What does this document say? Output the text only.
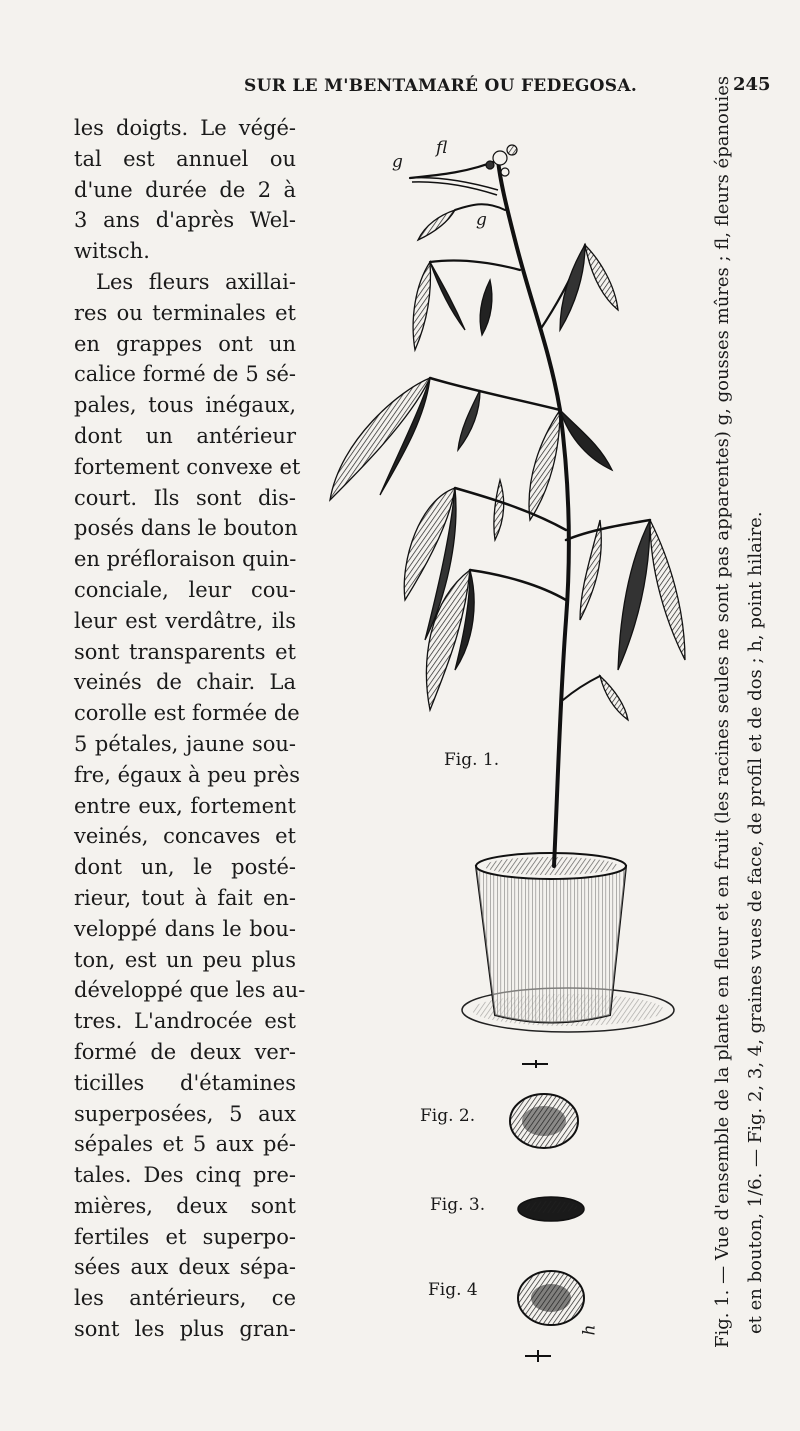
SUR LE M'BENTAMARÉ OU FEDEGOSA.	245
les doigts. Le végé-
tal est annuel ou
d'une durée de 2 à
3 ans d'après Wel-
witsch.
Les fleurs axillai-
res ou terminales et
en grappes ont un
calice formé de 5 sé-
pales, tous inégaux,
dont un antérieur
fortement convexe et
court. Ils sont dis-
posés dans le bouton
en préfloraison quin-
conciale, leur cou-
leur est verdâtre, ils
sont transparents et
veinés de chair. La
corolle est formée de
5 pétales, jaune sou-
fre, égaux à peu près
entre eux, fortement
veinés, concaves et
dont un, le posté-
rieur, tout à fait en-
veloppé dans le bou-
ton, est un peu plus
développé que les au-
tres. L'androcée est
formé de deux ver-
ticilles d'étamines
superposées, 5 aux
sépales et 5 aux pé-
tales. Des cinq pre-
mières, deux sont
fertiles et superpo-
sées aux deux sépa-
les antérieurs, ce
sont les plus gran-
Fig. 1.
Fig. 2.
Fig. 3.
Fig. 4
fl
g
g
h	Fig. 1. — Vue d'ensemble de la plante en fleur et en fruit (les racines seules ne sont pas apparentes) g, gousses mûres ; fl, fleurs épanouies et en bouton, 1/6. — Fig. 2, 3, 4, graines vues de face, de profil et de dos ; h, point hilaire.
